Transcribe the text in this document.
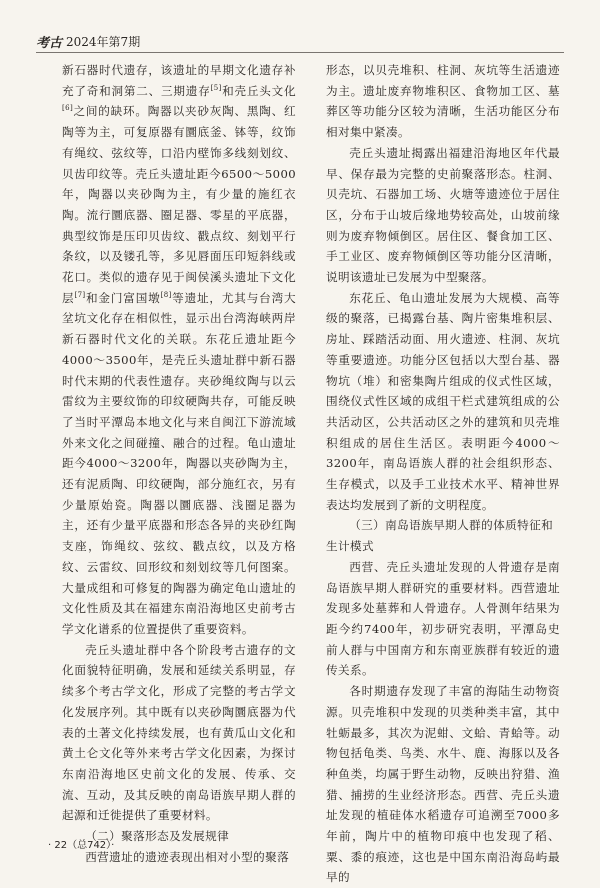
考古 2024年第7期

新石器时代遗存，该遗址的早期文化遗存补充了奇和洞第二、三期遗存[5]和壳丘头文化[6]之间的缺环。陶器以夹砂灰陶、黑陶、红陶等为主，可复原器有圜底釜、钵等，纹饰有绳纹、弦纹等，口沿内壁饰多线刻划纹、贝齿印纹等。壳丘头遗址距今6500～5000年，陶器以夹砂陶为主，有少量的施红衣陶。流行圜底器、圈足器、零星的平底器，典型纹饰是压印贝齿纹、戳点纹、刻划平行条纹，以及镂孔等，多见唇面压印短斜线或花口。类似的遗存见于闽侯溪头遗址下文化层[7]和金门富国墩[8]等遗址，尤其与台湾大坌坑文化存在相似性，显示出台湾海峡两岸新石器时代文化的关联。东花丘遗址距今4000～3500年，是壳丘头遗址群中新石器时代末期的代表性遗存。夹砂绳纹陶与以云雷纹为主要纹饰的印纹硬陶共存，可能反映了当时平潭岛本地文化与来自闽江下游流域外来文化之间碰撞、融合的过程。龟山遗址距今4000～3200年，陶器以夹砂陶为主，还有泥质陶、印纹硬陶，部分施红衣，另有少量原始瓷。陶器以圜底器、浅圈足器为主，还有少量平底器和形态各异的夹砂红陶支座，饰绳纹、弦纹、戳点纹，以及方格纹、云雷纹、回形纹和刻划纹等几何图案。大量成组和可修复的陶器为确定龟山遗址的文化性质及其在福建东南沿海地区史前考古学文化谱系的位置提供了重要资料。

壳丘头遗址群中各个阶段考古遗存的文化面貌特征明确，发展和延续关系明显，存续多个考古学文化，形成了完整的考古学文化发展序列。其中既有以夹砂陶圜底器为代表的土著文化持续发展，也有黄瓜山文化和黄土仑文化等外来考古学文化因素，为探讨东南沿海地区史前文化的发展、传承、交流、互动，及其反映的南岛语族早期人群的起源和迁徙提供了重要材料。

（二）聚落形态及发展规律

西营遗址的遗迹表现出相对小型的聚落

形态，以贝壳堆积、柱洞、灰坑等生活遗迹为主。遗址废弃物堆积区、食物加工区、墓葬区等功能分区较为清晰，生活功能区分布相对集中紧凑。

壳丘头遗址揭露出福建沿海地区年代最早、保存最为完整的史前聚落形态。柱洞、贝壳坑、石器加工场、火塘等遗迹位于居住区，分布于山坡后缘地势较高处，山坡前缘则为废弃物倾倒区。居住区、餐食加工区、手工业区、废弃物倾倒区等功能分区清晰，说明该遗址已发展为中型聚落。

东花丘、龟山遗址发展为大规模、高等级的聚落，已揭露台基、陶片密集堆积层、房址、踩踏活动面、用火遗迹、柱洞、灰坑等重要遗迹。功能分区包括以大型台基、器物坑（堆）和密集陶片组成的仪式性区域，围绕仪式性区域的成组干栏式建筑组成的公共活动区，公共活动区之外的建筑和贝壳堆积组成的居住生活区。表明距今4000～3200年，南岛语族人群的社会组织形态、生存模式，以及手工业技术水平、精神世界表达均发展到了新的文明程度。

（三）南岛语族早期人群的体质特征和生计模式

西营、壳丘头遗址发现的人骨遗存是南岛语族早期人群研究的重要材料。西营遗址发现多处墓葬和人骨遗存。人骨测年结果为距今约7400年，初步研究表明，平潭岛史前人群与中国南方和东南亚族群有较近的遗传关系。

各时期遗存发现了丰富的海陆生动物资源。贝壳堆积中发现的贝类种类丰富，其中牡蛎最多，其次为泥蚶、文蛤、青蛤等。动物包括龟类、鸟类、水牛、鹿、海豚以及各种鱼类，均属于野生动物，反映出狩猎、渔猎、捕捞的生业经济形态。西营、壳丘头遗址发现的植硅体水稻遗存可追溯至7000多年前，陶片中的植物印痕中也发现了稻、粟、黍的痕迹，这也是中国东南沿海岛屿最早的

· 22（总742）·
